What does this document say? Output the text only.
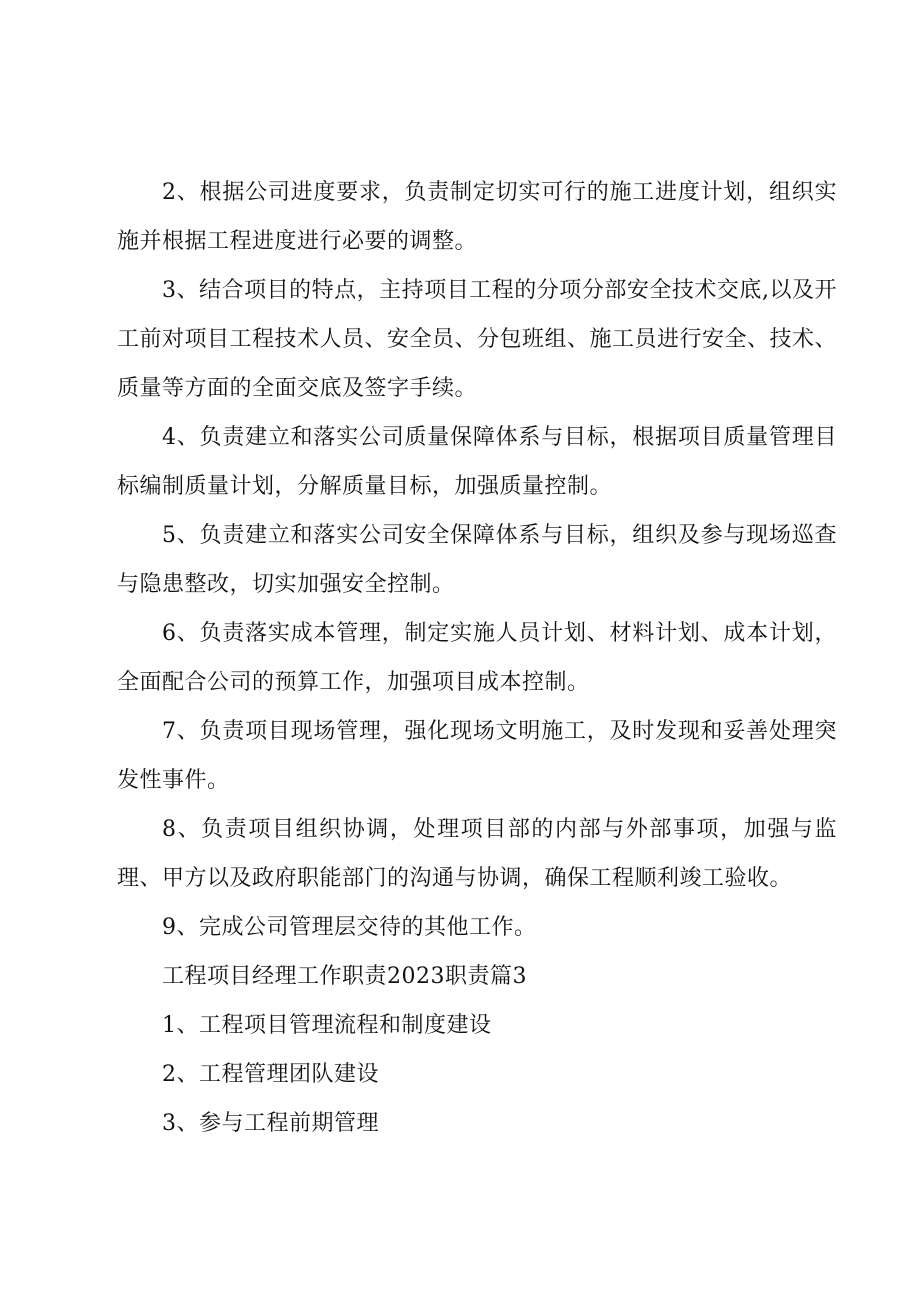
2、根据公司进度要求，负责制定切实可行的施工进度计划，组织实施并根据工程进度进行必要的调整。

3、结合项目的特点，主持项目工程的分项分部安全技术交底,以及开工前对项目工程技术人员、安全员、分包班组、施工员进行安全、技术、质量等方面的全面交底及签字手续。

4、负责建立和落实公司质量保障体系与目标，根据项目质量管理目标编制质量计划，分解质量目标，加强质量控制。

5、负责建立和落实公司安全保障体系与目标，组织及参与现场巡查与隐患整改，切实加强安全控制。

6、负责落实成本管理，制定实施人员计划、材料计划、成本计划，全面配合公司的预算工作，加强项目成本控制。

7、负责项目现场管理，强化现场文明施工，及时发现和妥善处理突发性事件。

8、负责项目组织协调，处理项目部的内部与外部事项，加强与监理、甲方以及政府职能部门的沟通与协调，确保工程顺利竣工验收。

9、完成公司管理层交待的其他工作。

工程项目经理工作职责2023职责篇3

1、工程项目管理流程和制度建设

2、工程管理团队建设

3、参与工程前期管理
